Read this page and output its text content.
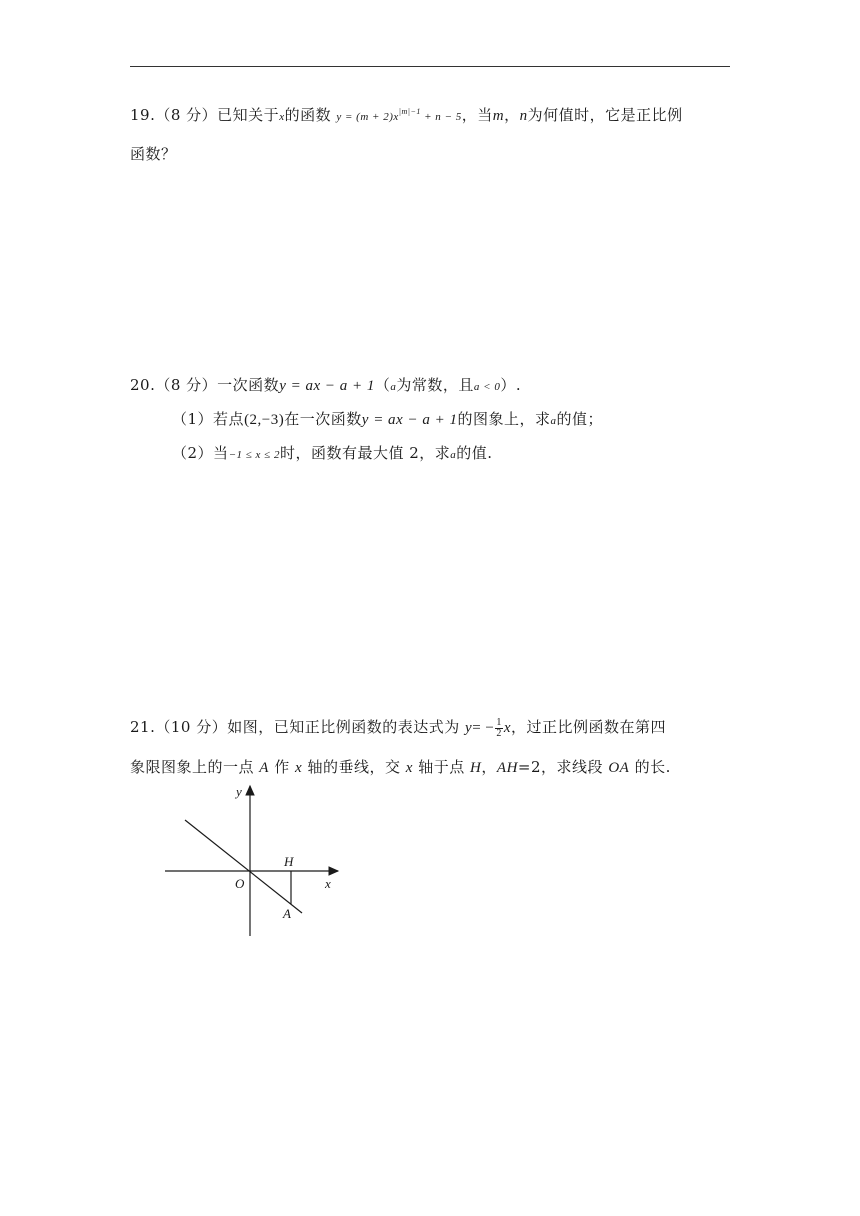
19.（8 分）已知关于x的函数 $y = (m + 2)x^{|m|-1} + n - 5$，当m，n为何值时，它是正比例
函数？
20.（8 分）一次函数y = ax − a + 1（a为常数，且a < 0）.
（1）若点(2,−3)在一次函数y = ax − a + 1的图象上，求a的值；
（2）当−1 ≤ x ≤ 2时，函数有最大值 2，求a的值.
21.（10 分）如图，已知正比例函数的表达式为 $y= - \frac{1}{2}$ x，过正比例函数在第四
象限图象上的一点 A 作 x 轴的垂线，交 x 轴于点 H，AH=2，求线段 OA 的长.
y
x
O
H
A
